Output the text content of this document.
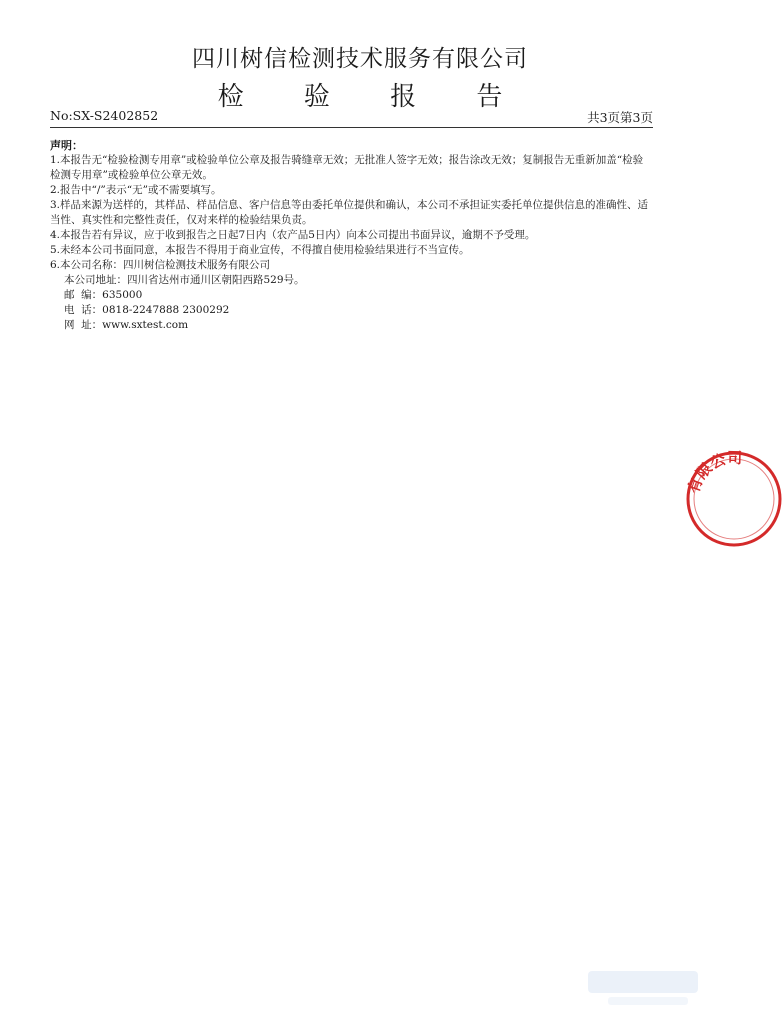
四川树信检测技术服务有限公司
检 验 报 告
No:SX-S2402852	共3页第3页
声明：
1.本报告无“检验检测专用章”或检验单位公章及报告骑缝章无效；无批准人签字无效；报告涂改无效；复制报告无重新加盖“检验检测专用章”或检验单位公章无效。
2.报告中“/”表示“无”或不需要填写。
3.样品来源为送样的，其样品、样品信息、客户信息等由委托单位提供和确认，本公司不承担证实委托单位提供信息的准确性、适当性、真实性和完整性责任，仅对来样的检验结果负责。
4.本报告若有异议，应于收到报告之日起7日内（农产品5日内）向本公司提出书面异议，逾期不予受理。
5.未经本公司书面同意，本报告不得用于商业宣传，不得擅自使用检验结果进行不当宣传。
6.本公司名称：四川树信检测技术服务有限公司
本公司地址：四川省达州市通川区朝阳西路529号。
邮  编：635000
电  话：0818-2247888 2300292
网  址：www.sxtest.com
有限公司
